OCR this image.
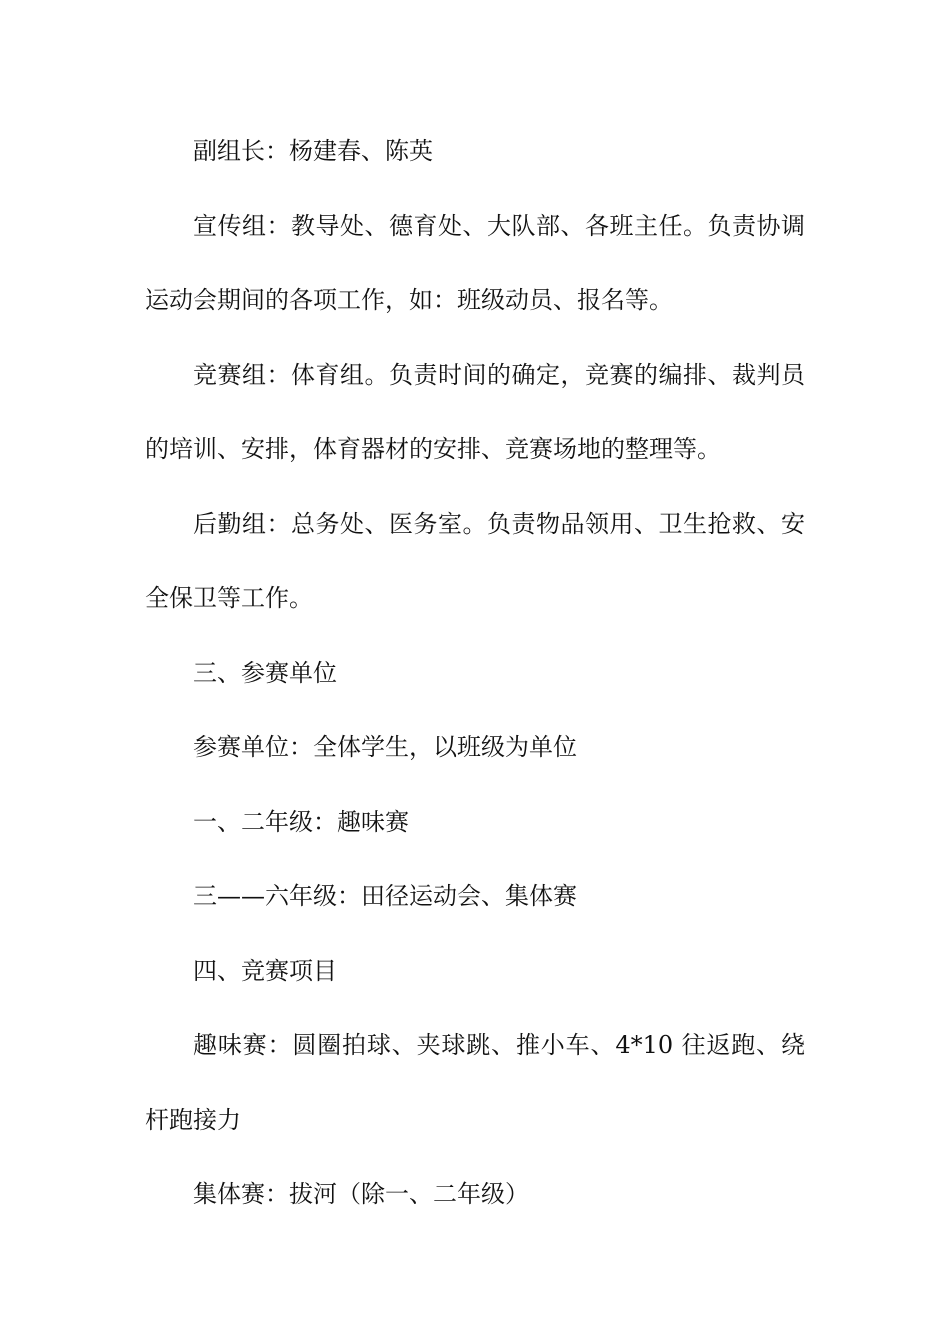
副组长：杨建春、陈英

宣传组：教导处、德育处、大队部、各班主任。负责协调运动会期间的各项工作，如：班级动员、报名等。

竞赛组：体育组。负责时间的确定，竞赛的编排、裁判员的培训、安排，体育器材的安排、竞赛场地的整理等。

后勤组：总务处、医务室。负责物品领用、卫生抢救、安全保卫等工作。

三、参赛单位

参赛单位：全体学生，以班级为单位

一、二年级：趣味赛

三——六年级：田径运动会、集体赛

四、竞赛项目

趣味赛：圆圈拍球、夹球跳、推小车、4*10 往返跑、绕杆跑接力

集体赛：拔河（除一、二年级）
